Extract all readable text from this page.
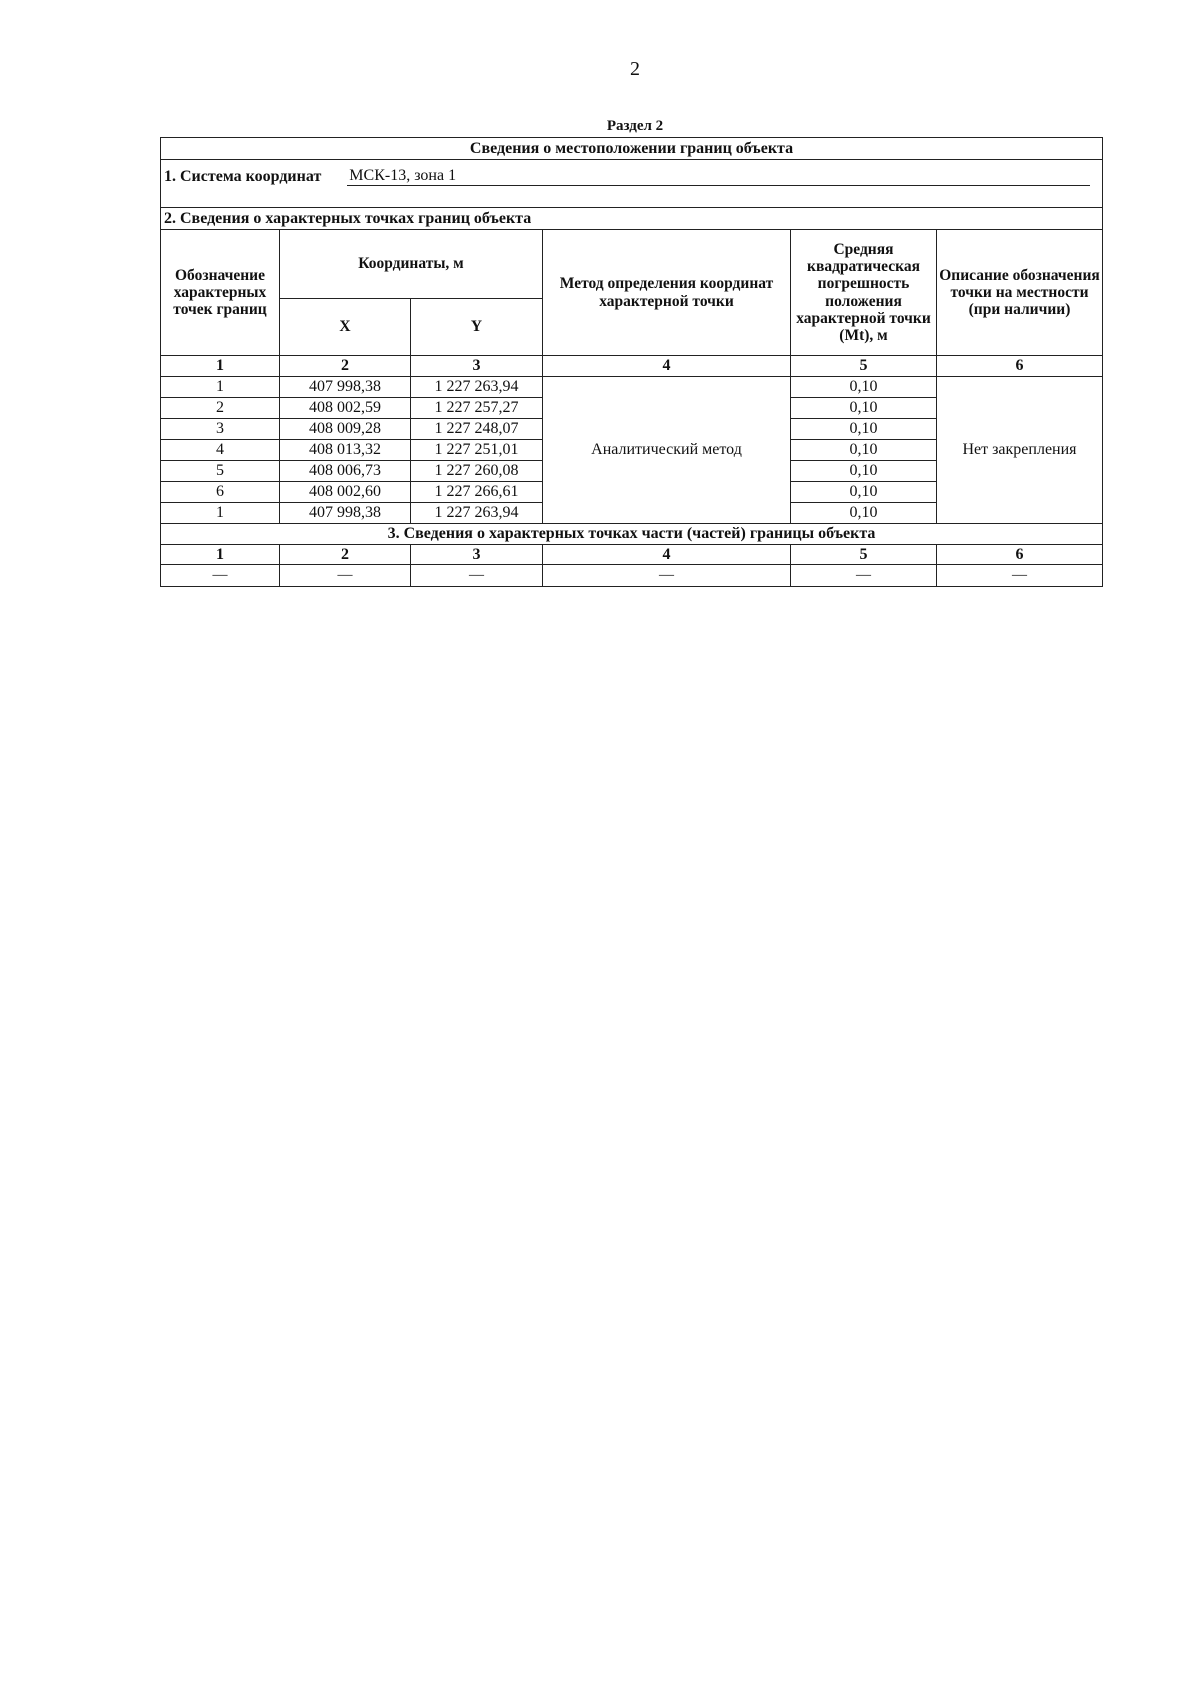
2
Раздел 2
Сведения о местоположении границ объекта					

1. Система координат МСК-13, зона 1					

2. Сведения о характерных точках границ объекта					
Обозначение характерных точек границ	Координаты, м		Метод определения координат характерной точки	Средняя квадратическая погрешность положения характерной точки (Mt), м	Описание обозначения точки на местности (при наличии)
	X	Y			
1	2	3	4	5	6
1	407 998,38	1 227 263,94	Аналитический метод	0,10	Нет закрепления
2	408 002,59	1 227 257,27		0,10	
3	408 009,28	1 227 248,07		0,10	
4	408 013,32	1 227 251,01		0,10	
5	408 006,73	1 227 260,08		0,10	
6	408 002,60	1 227 266,61		0,10	
1	407 998,38	1 227 263,94		0,10	
3. Сведения о характерных точках части (частей) границы объекта					
1	2	3	4	5	6
—	—	—	—	—	—
